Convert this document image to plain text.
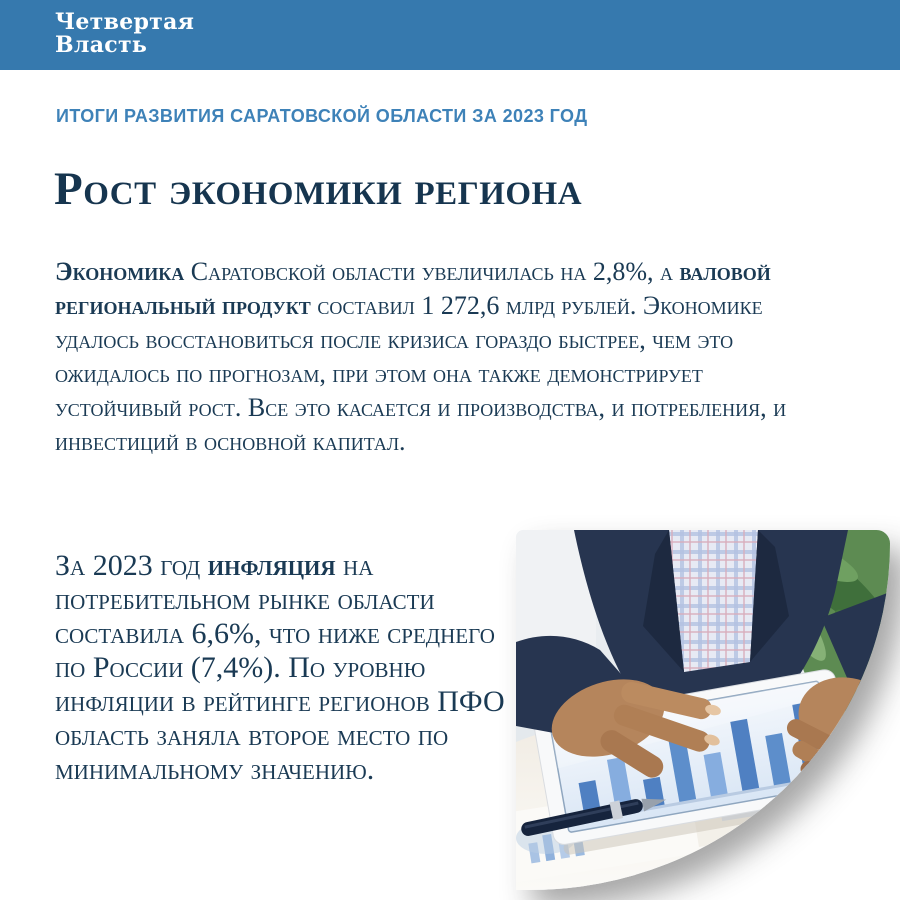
Четвертая
Власть
ИТОГИ РАЗВИТИЯ САРАТОВСКОЙ ОБЛАСТИ ЗА 2023 ГОД
Рост экономики региона

Экономика Саратовской области увеличилась на 2,8%, а валовой региональный продукт составил 1 272,6 млрд рублей. Экономике удалось восстановиться после кризиса гораздо быстрее, чем это ожидалось по прогнозам, при этом она также демонстрирует устойчивый рост. Все это касается и производства, и потребления, и инвестиций в основной капитал.

За 2023 год инфляция на потребительном рынке области составила 6,6%, что ниже среднего по России (7,4%). По уровню инфляции в рейтинге регионов ПФО область заняла второе место по минимальному значению.
